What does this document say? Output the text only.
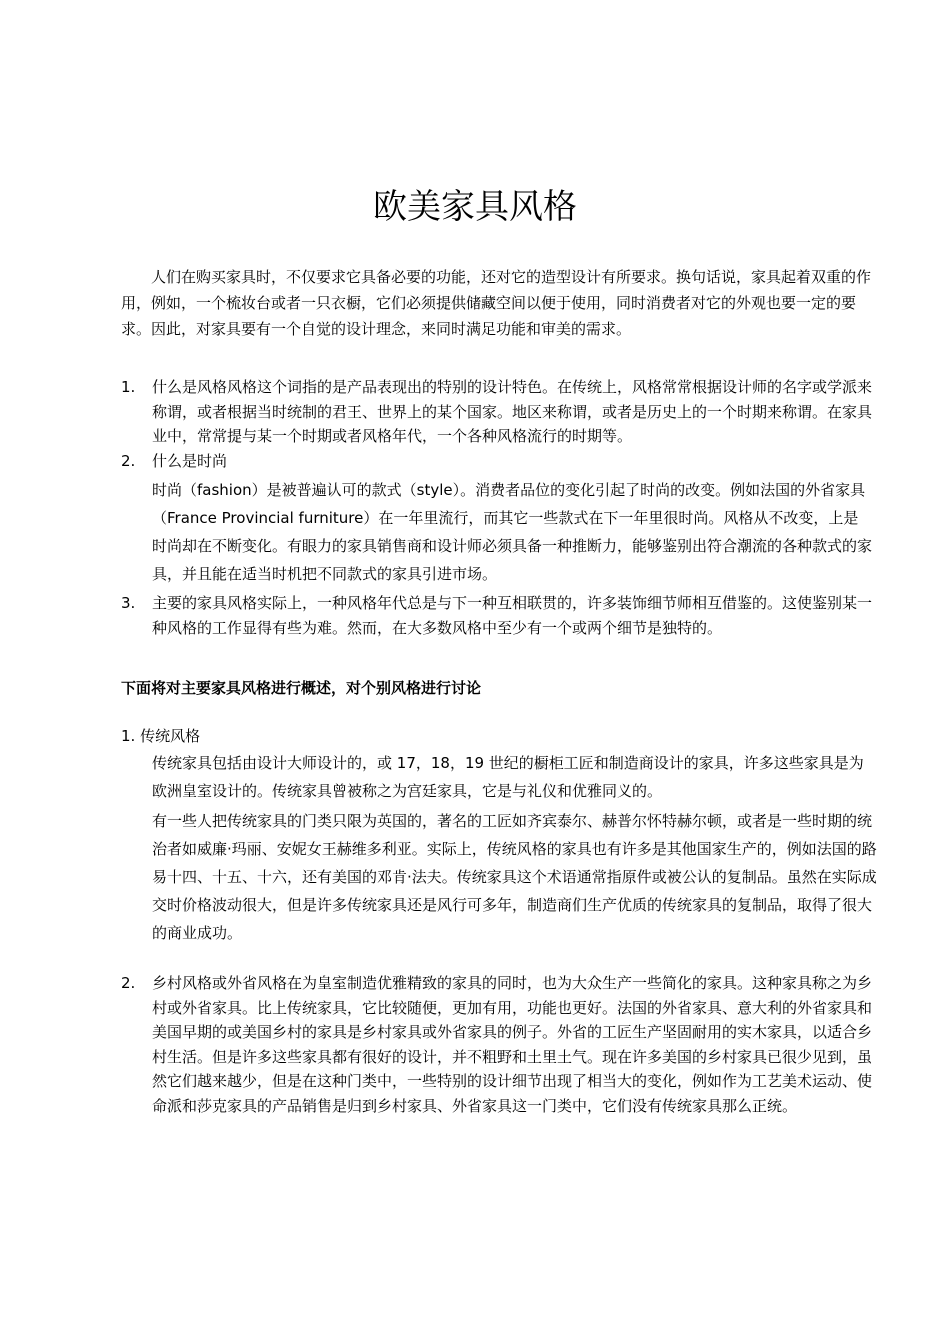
欧美家具风格

人们在购买家具时，不仅要求它具备必要的功能，还对它的造型设计有所要求。换句话说，家具起着双重的作用，例如，一个梳妆台或者一只衣橱，它们必须提供储藏空间以便于使用，同时消费者对它的外观也要一定的要求。因此，对家具要有一个自觉的设计理念，来同时满足功能和审美的需求。

1. 什么是风格风格这个词指的是产品表现出的特别的设计特色。在传统上，风格常常根据设计师的名字或学派来称谓，或者根据当时统制的君王、世界上的某个国家。地区来称谓，或者是历史上的一个时期来称谓。在家具业中，常常提与某一个时期或者风格年代，一个各种风格流行的时期等。
2. 什么是时尚

时尚（fashion）是被普遍认可的款式（style）。消费者品位的变化引起了时尚的改变。例如法国的外省家具（France Provincial furniture）在一年里流行，而其它一些款式在下一年里很时尚。风格从不改变，上是时尚却在不断变化。有眼力的家具销售商和设计师必须具备一种推断力，能够鉴别出符合潮流的各种款式的家具，并且能在适当时机把不同款式的家具引进市场。

3. 主要的家具风格实际上，一种风格年代总是与下一种互相联贯的，许多装饰细节师相互借鉴的。这使鉴别某一种风格的工作显得有些为难。然而，在大多数风格中至少有一个或两个细节是独特的。
下面将对主要家具风格进行概述，对个别风格进行讨论
1. 传统风格

传统家具包括由设计大师设计的，或 17，18，19 世纪的橱柜工匠和制造商设计的家具，许多这些家具是为欧洲皇室设计的。传统家具曾被称之为宫廷家具，它是与礼仪和优雅同义的。

有一些人把传统家具的门类只限为英国的，著名的工匠如齐宾泰尔、赫普尔怀特赫尔顿，或者是一些时期的统治者如威廉·玛丽、安妮女王赫维多利亚。实际上，传统风格的家具也有许多是其他国家生产的，例如法国的路易十四、十五、十六，还有美国的邓肯·法夫。传统家具这个术语通常指原件或被公认的复制品。虽然在实际成交时价格波动很大，但是许多传统家具还是风行可多年，制造商们生产优质的传统家具的复制品，取得了很大的商业成功。

2. 乡村风格或外省风格在为皇室制造优雅精致的家具的同时，也为大众生产一些简化的家具。这种家具称之为乡村或外省家具。比上传统家具，它比较随便，更加有用，功能也更好。法国的外省家具、意大利的外省家具和美国早期的或美国乡村的家具是乡村家具或外省家具的例子。外省的工匠生产坚固耐用的实木家具，以适合乡村生活。但是许多这些家具都有很好的设计，并不粗野和土里土气。现在许多美国的乡村家具已很少见到，虽然它们越来越少，但是在这种门类中，一些特别的设计细节出现了相当大的变化，例如作为工艺美术运动、使命派和莎克家具的产品销售是归到乡村家具、外省家具这一门类中，它们没有传统家具那么正统。
